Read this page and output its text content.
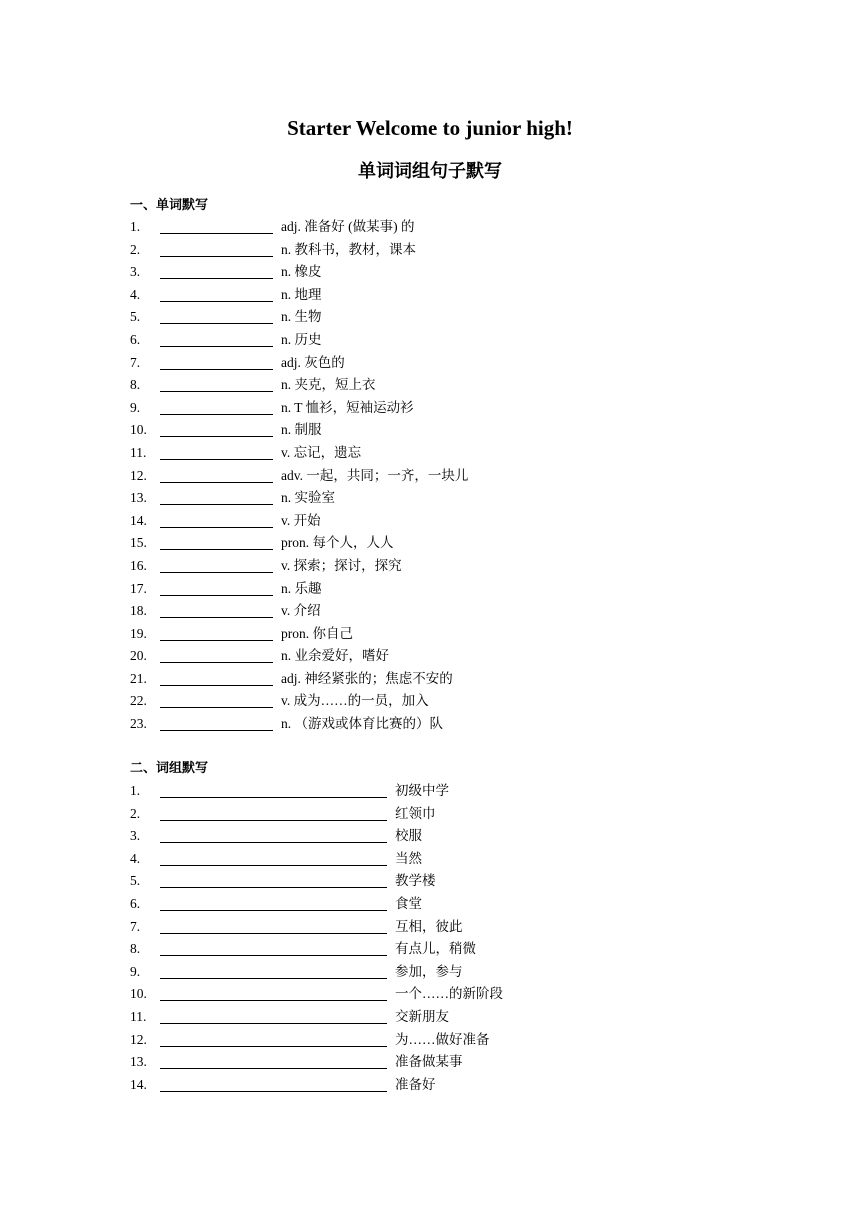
Starter Welcome to junior high!
单词词组句子默写
一、单词默写
1.	adj. 准备好 (做某事) 的
2.	n. 教科书，教材，课本
3.	n. 橡皮
4.	n. 地理
5.	n. 生物
6.	n. 历史
7.	adj. 灰色的
8.	n. 夹克，短上衣
9.	n. T 恤衫，短袖运动衫
10.	n. 制服
11.	v. 忘记，遗忘
12.	adv. 一起，共同；一齐，一块儿
13.	n. 实验室
14.	v. 开始
15.	pron. 每个人，人人
16.	v. 探索；探讨，探究
17.	n. 乐趣
18.	v. 介绍
19.	pron. 你自己
20.	n. 业余爱好，嗜好
21.	adj. 神经紧张的；焦虑不安的
22.	v. 成为……的一员，加入
23.	n. （游戏或体育比赛的）队
二、词组默写
1.	初级中学
2.	红领巾
3.	校服
4.	当然
5.	教学楼
6.	食堂
7.	互相，彼此
8.	有点儿，稍微
9.	参加，参与
10.	一个……的新阶段
11.	交新朋友
12.	为……做好准备
13.	准备做某事
14.	准备好
